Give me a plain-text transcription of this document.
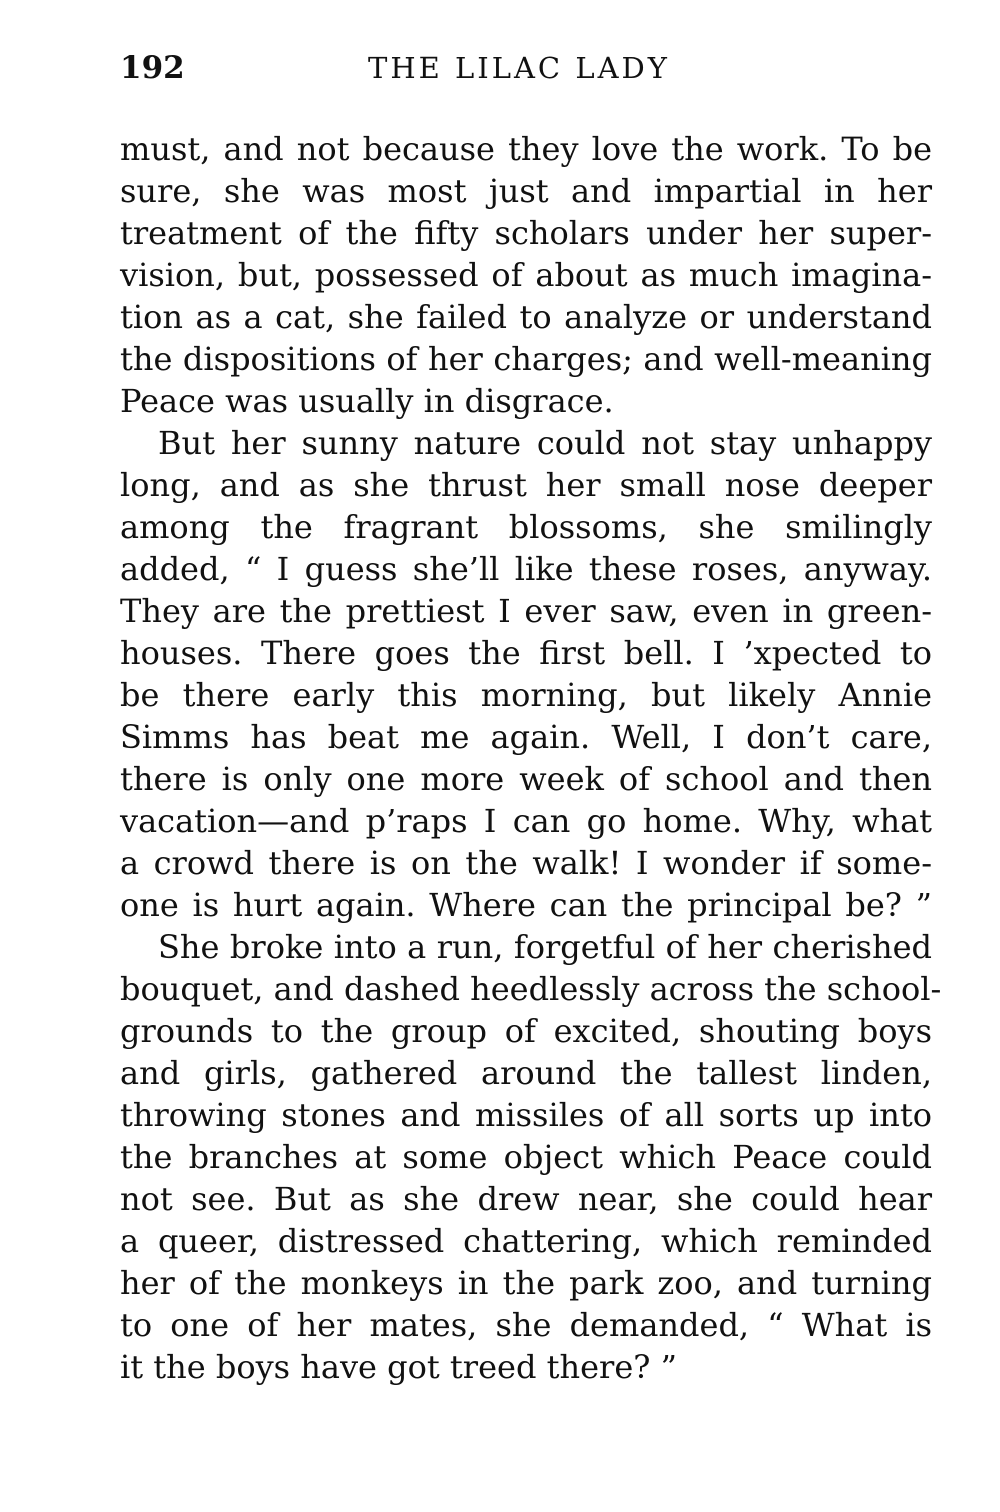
192	THE LILAC LADY
must, and not because they love the work. To be
sure, she was most just and impartial in her
treatment of the fifty scholars under her super-
vision, but, possessed of about as much imagina-
tion as a cat, she failed to analyze or understand
the dispositions of her charges; and well-meaning
Peace was usually in disgrace.
But her sunny nature could not stay unhappy
long, and as she thrust her small nose deeper
among the fragrant blossoms, she smilingly
added, “ I guess she’ll like these roses, anyway.
They are the prettiest I ever saw, even in green-
houses. There goes the first bell. I ’xpected to
be there early this morning, but likely Annie
Simms has beat me again. Well, I don’t care,
there is only one more week of school and then
vacation—and p’raps I can go home. Why, what
a crowd there is on the walk! I wonder if some-
one is hurt again. Where can the principal be? ”
She broke into a run, forgetful of her cherished
bouquet, and dashed heedlessly across the school-
grounds to the group of excited, shouting boys
and girls, gathered around the tallest linden,
throwing stones and missiles of all sorts up into
the branches at some object which Peace could
not see. But as she drew near, she could hear
a queer, distressed chattering, which reminded
her of the monkeys in the park zoo, and turning
to one of her mates, she demanded, “ What is
it the boys have got treed there? ”
